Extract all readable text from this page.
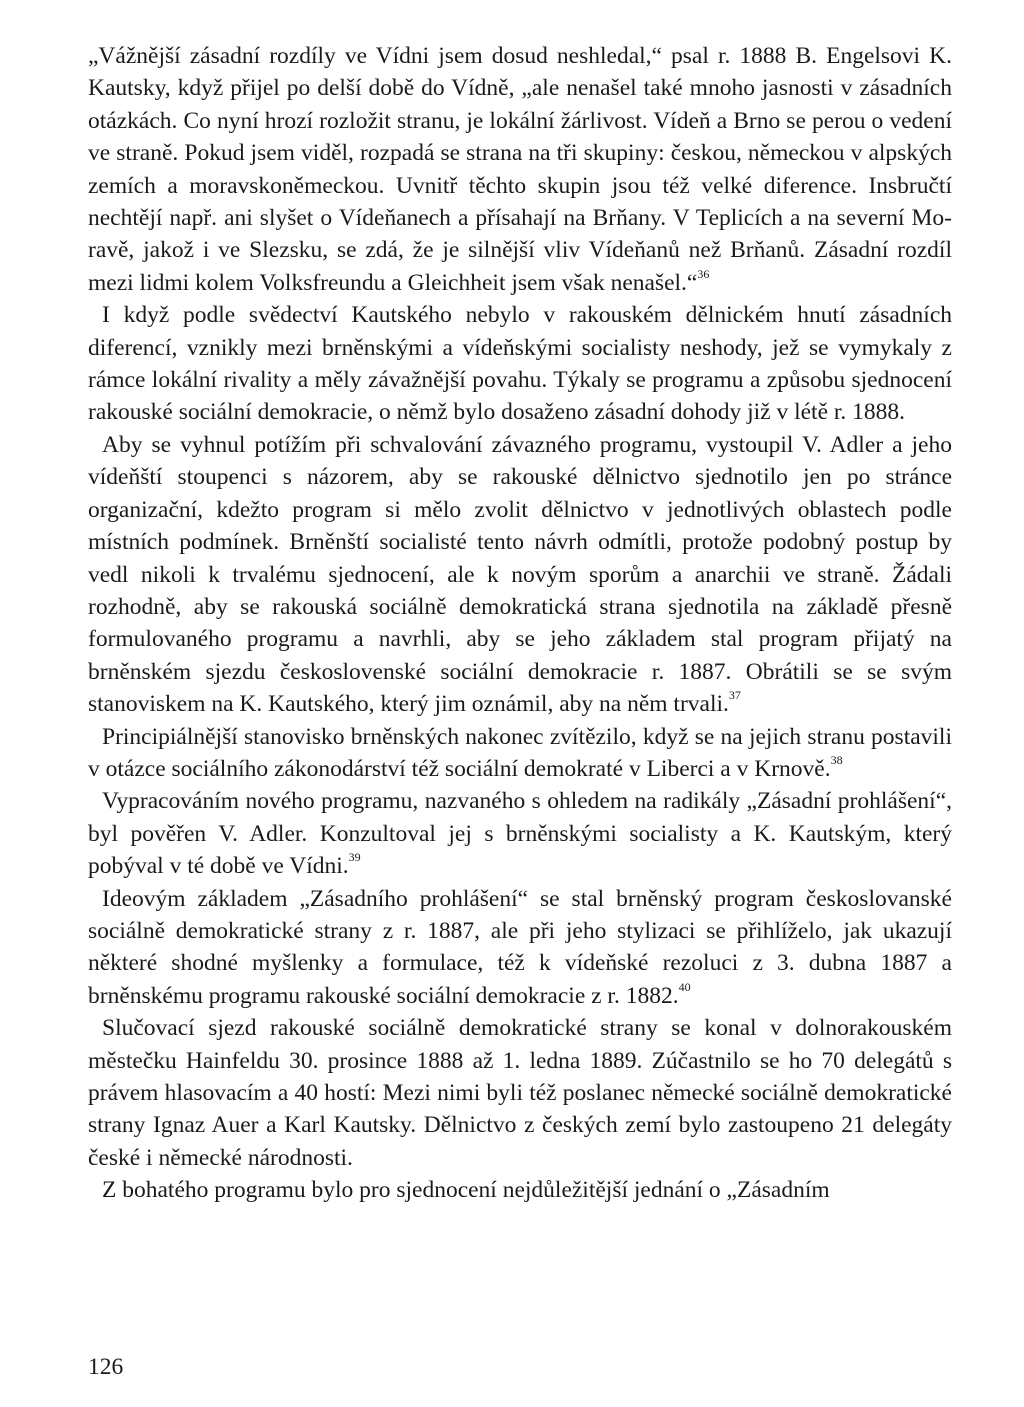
„Vážnější zásadní rozdíly ve Vídni jsem dosud neshledal,“ psal r. 1888 B. Engelsovi K. Kautsky, když přijel po delší době do Vídně, „ale nenašel také mnoho jasnosti v zásadních otázkách. Co nyní hrozí rozložit stranu, je lokální žárlivost. Vídeň a Brno se perou o vedení ve straně. Pokud jsem viděl, rozpadá se strana na tři skupiny: českou, německou v alpských zemích a moravskoněmeckou. Uvnitř těchto skupin jsou též velké diference. Insbručtí nechtějí např. ani slyšet o Vídeňanech a přísahají na Brňany. V Teplicích a na severní Moravě, jakož i ve Slezsku, se zdá, že je silnější vliv Vídeňanů než Brňanů. Zásadní rozdíl mezi lidmi kolem Volksfreundu a Gleichheit jsem však nenašel.“$^{36}$

I když podle svědectví Kautského nebylo v rakouském dělnickém hnutí zásadních diferencí, vznikly mezi brněnskými a vídeňskými socialisty neshody, jež se vymykaly z rámce lokální rivality a měly závažnější povahu. Týkaly se programu a způsobu sjednocení rakouské sociální demokracie, o němž bylo dosaženo zásadní dohody již v létě r. 1888.

Aby se vyhnul potížím při schvalování závazného programu, vystoupil V. Adler a jeho vídeňští stoupenci s názorem, aby se rakouské dělnictvo sjednotilo jen po stránce organizační, kdežto program si mělo zvolit dělnictvo v jednotlivých oblastech podle místních podmínek. Brněnští socialisté tento návrh odmítli, protože podobný postup by vedl nikoli k trvalému sjednocení, ale k novým sporům a anarchii ve straně. Žádali rozhodně, aby se rakouská sociálně demokratická strana sjednotila na základě přesně formulovaného programu a navrhli, aby se jeho základem stal program přijatý na brněnském sjezdu československé sociální demokracie r. 1887. Obrátili se se svým stanoviskem na K. Kautského, který jim oznámil, aby na něm trvali.$^{37}$

Principiálnější stanovisko brněnských nakonec zvítězilo, když se na jejich stranu postavili v otázce sociálního zákonodárství též sociální demokraté v Liberci a v Krnově.$^{38}$

Vypracováním nového programu, nazvaného s ohledem na radikály „Zásadní prohlášení“, byl pověřen V. Adler. Konzultoval jej s brněnskými socialisty a K. Kautským, který pobýval v té době ve Vídni.$^{39}$

Ideovým základem „Zásadního prohlášení“ se stal brněnský program českoslovanské sociálně demokratické strany z r. 1887, ale při jeho stylizaci se přihlíželo, jak ukazují některé shodné myšlenky a formulace, též k vídeňské rezoluci z 3. dubna 1887 a brněnskému programu rakouské sociální demokracie z r. 1882.40

Slučovací sjezd rakouské sociálně demokratické strany se konal v dolnorakouském městečku Hainfeldu 30. prosince 1888 až 1. ledna 1889. Zúčastnilo se ho 70 delegátů s právem hlasovacím a 40 hostí: Mezi nimi byli též poslanec německé sociálně demokratické strany Ignaz Auer a Karl Kautsky. Dělnictvo z českých zemí bylo zastoupeno 21 delegáty české i německé národnosti.

Z bohatého programu bylo pro sjednocení nejdůležitější jednání o „Zásadním

126
